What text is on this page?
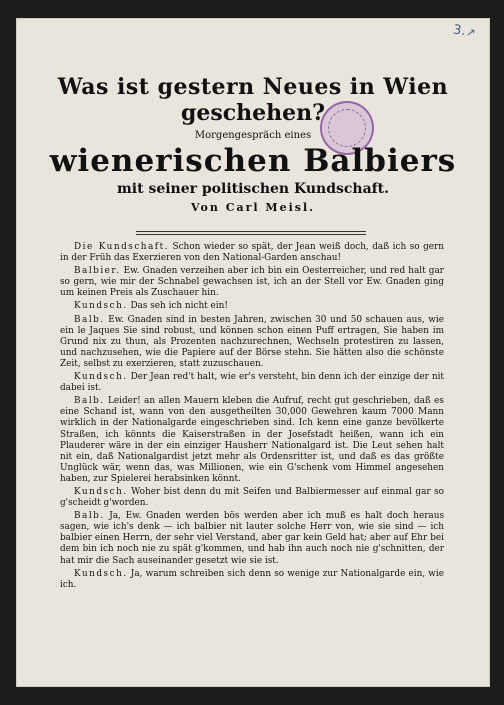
3.↗
Was ist gestern Neues in Wien
geschehen?
Morgengespräch eines
wienerischen Balbiers
mit seiner politischen Kundschaft.
Von Carl Meisl.

Die Kundschaft. Schon wieder so spät, der Jean weiß doch, daß ich so gern in der Früh das Exerzieren von den National-Garden anschau!

Balbier. Ew. Gnaden verzeihen aber ich bin ein Oesterreicher, und red halt gar so gern, wie mir der Schnabel gewachsen ist, ich an der Stell vor Ew. Gnaden ging um keinen Preis als Zuschauer hin.

Kundsch. Das seh ich nicht ein!

Balb. Ew. Gnaden sind in besten Jahren, zwischen 30 und 50 schauen aus, wie ein le Jaques Sie sind robust, und können schon einen Puff ertragen, Sie haben im Grund nix zu thun, als Prozenten nachzurechnen, Wechseln protestiren zu lassen, und nachzusehen, wie die Papiere auf der Börse stehn. Sie hätten also die schönste Zeit, selbst zu exerzieren, statt zuzuschauen.

Kundsch. Der Jean red't halt, wie er's versteht, bin denn ich der einzige der nit dabei ist.

Balb. Leider! an allen Mauern kleben die Aufruf, recht gut geschrieben, daß es eine Schand ist, wann von den ausgetheilten 30,000 Gewehren kaum 7000 Mann wirklich in der Nationalgarde eingeschrieben sind. Ich kenn eine ganze bevölkerte Straßen, ich könnts die Kaiserstraßen in der Josefstadt heißen, wann ich ein Plauderer wäre in der ein einziger Hausherr Nationalgard ist. Die Leut sehen halt nit ein, daß Nationalgardist jetzt mehr als Ordensritter ist, und daß es das größte Unglück wär, wenn das, was Millionen, wie ein G'schenk vom Himmel angesehen haben, zur Spielerei herabsinken könnt.

Kundsch. Woher bist denn du mit Seifen und Balbiermesser auf einmal gar so g'scheidt g'worden.

Balb. Ja, Ew. Gnaden werden bös werden aber ich muß es halt doch heraus sagen, wie ich's denk — ich balbier nit lauter solche Herr von, wie sie sind — ich balbier einen Herrn, der sehr viel Verstand, aber gar kein Geld hat; aber auf Ehr bei dem bin ich noch nie zu spät g'kommen, und hab ihn auch noch nie g'schnitten, der hat mir die Sach auseinander gesetzt wie sie ist.

Kundsch. Ja, warum schreiben sich denn so wenige zur Nationalgarde ein, wie ich.
